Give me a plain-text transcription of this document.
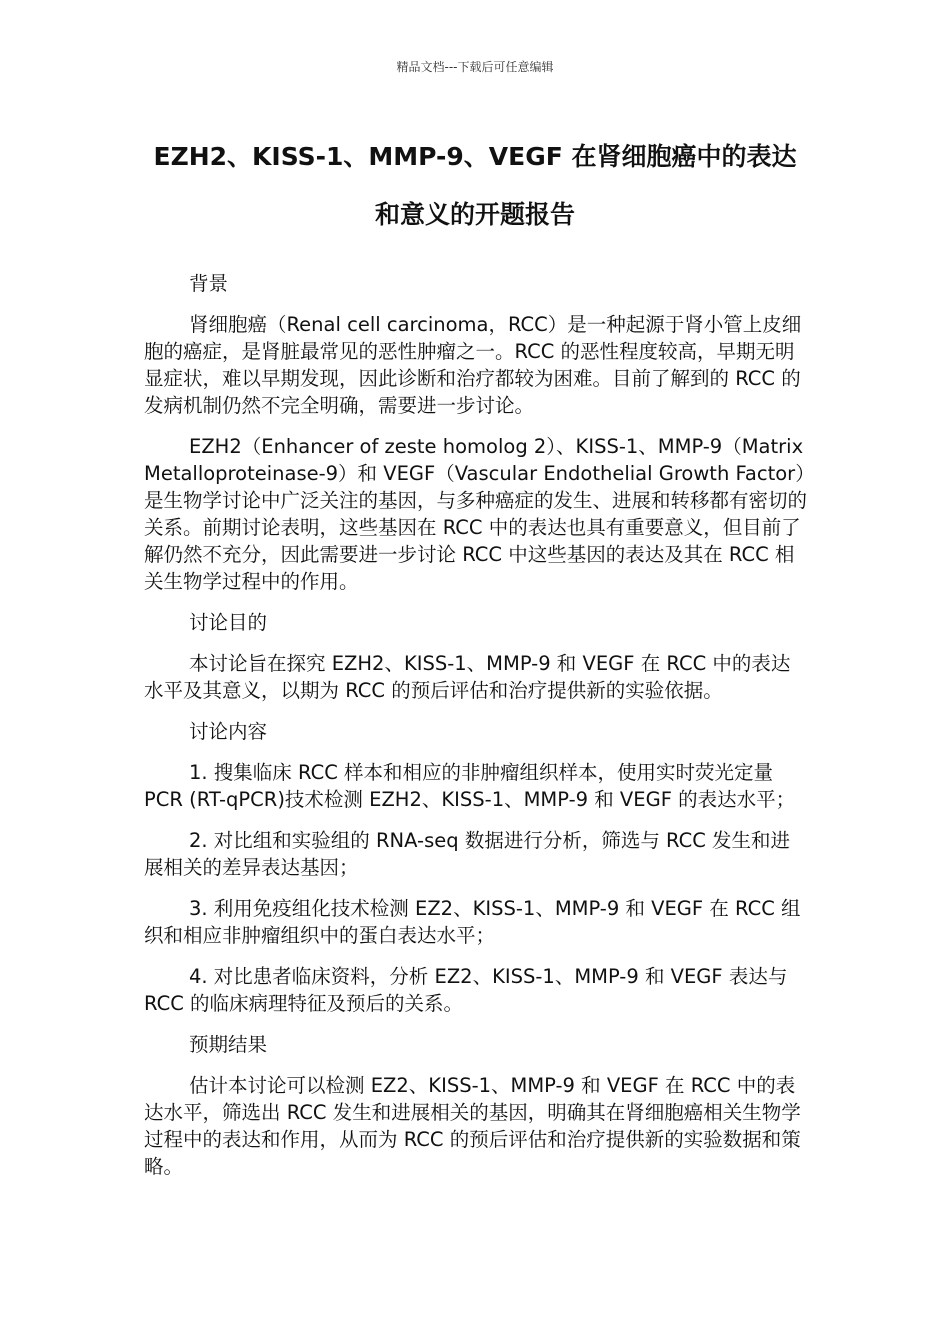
精品文档---下载后可任意编辑
EZH2、KISS-1、MMP-9、VEGF 在肾细胞癌中的表达和意义的开题报告
背景
肾细胞癌（Renal cell carcinoma，RCC）是一种起源于肾小管上皮细胞的癌症，是肾脏最常见的恶性肿瘤之一。RCC 的恶性程度较高，早期无明显症状，难以早期发现，因此诊断和治疗都较为困难。目前了解到的 RCC 的发病机制仍然不完全明确，需要进一步讨论。
EZH2（Enhancer of zeste homolog 2）、KISS-1、MMP-9（Matrix Metalloproteinase-9）和 VEGF（Vascular Endothelial Growth Factor）是生物学讨论中广泛关注的基因，与多种癌症的发生、进展和转移都有密切的关系。前期讨论表明，这些基因在 RCC 中的表达也具有重要意义，但目前了解仍然不充分，因此需要进一步讨论 RCC 中这些基因的表达及其在 RCC 相关生物学过程中的作用。
讨论目的
本讨论旨在探究 EZH2、KISS-1、MMP-9 和 VEGF 在 RCC 中的表达水平及其意义，以期为 RCC 的预后评估和治疗提供新的实验依据。
讨论内容
1. 搜集临床 RCC 样本和相应的非肿瘤组织样本，使用实时荧光定量 PCR (RT-qPCR)技术检测 EZH2、KISS-1、MMP-9 和 VEGF 的表达水平；
2. 对比组和实验组的 RNA-seq 数据进行分析，筛选与 RCC 发生和进展相关的差异表达基因；
3. 利用免疫组化技术检测 EZ2、KISS-1、MMP-9 和 VEGF 在 RCC 组织和相应非肿瘤组织中的蛋白表达水平；
4. 对比患者临床资料，分析 EZ2、KISS-1、MMP-9 和 VEGF 表达与 RCC 的临床病理特征及预后的关系。
预期结果
估计本讨论可以检测 EZ2、KISS-1、MMP-9 和 VEGF 在 RCC 中的表达水平，筛选出 RCC 发生和进展相关的基因，明确其在肾细胞癌相关生物学过程中的表达和作用，从而为 RCC 的预后评估和治疗提供新的实验数据和策略。
